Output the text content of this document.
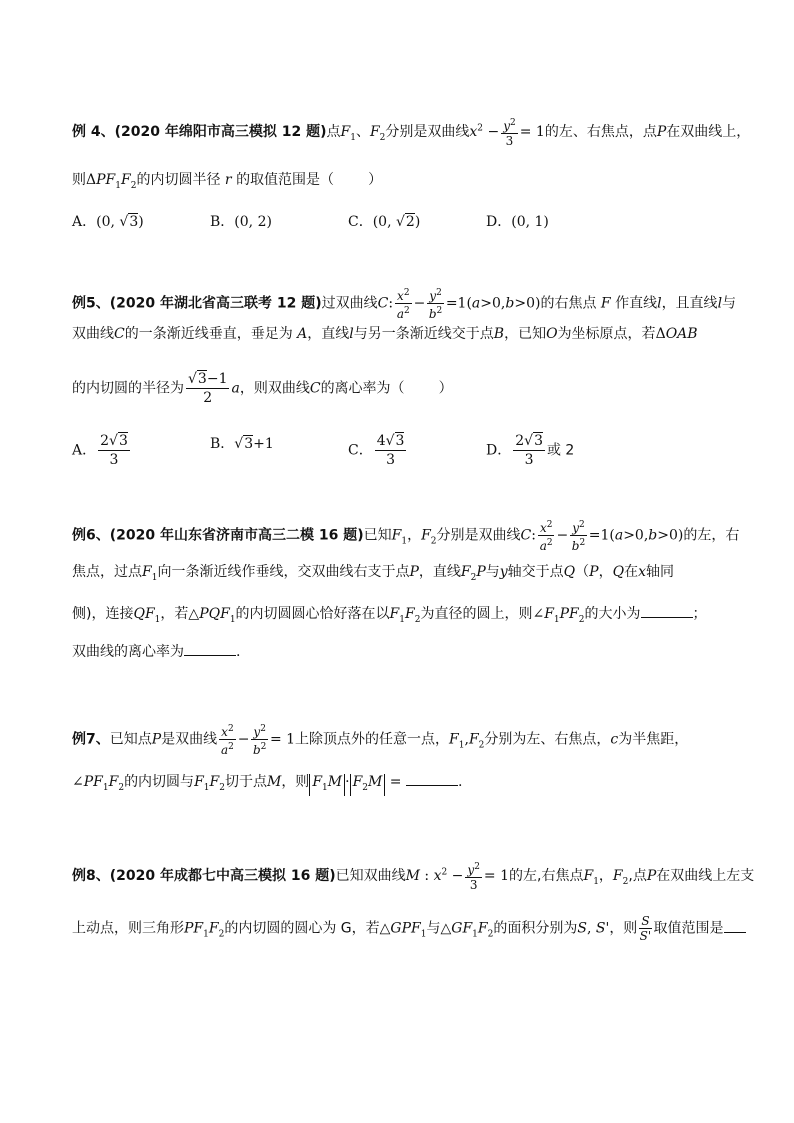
例 4、(2020 年绵阳市高三模拟 12 题)点$F_1$、$F_2$分别是双曲线$x^2 - \frac{y^2}{3} = 1$的左、右焦点，点P在双曲线上，
则$\Delta PF_1F_2$的内切圆半径 r 的取值范围是（ ）
A．(0, √3)	B．(0, 2)	C．(0, √2)	D．(0, 1)
例5、(2020 年湖北省高三联考 12 题)过双曲线C: $\frac{x^2}{a^2} - \frac{y^2}{b^2} =1(a>0,b>0)$的右焦点 F 作直线l，且直线l与
双曲线C的一条渐近线垂直，垂足为 A，直线l与另一条渐近线交于点B，已知O为坐标原点，若ΔOAB
的内切圆的半径为 $\frac{√3-1}{2}$ a，则双曲线C的离心率为（ ）
A． $\frac{2√3}{3}$	B．√3+1	C． $\frac{4√3}{3}$	D． $\frac{2√3}{3}$ 或 2
例6、(2020 年山东省济南市高三二模 16 题)已知$F_1$，$F_2$分别是双曲线C: $\frac{x^2}{a^2} - \frac{y^2}{b^2} =1(a>0,b>0)$的左，右
焦点，过点$F_1$向一条渐近线作垂线，交双曲线右支于点P，直线$F_2P$与y轴交于点Q（P，Q在x轴同
侧)，连接$QF_1$，若$\triangle PQF_1$的内切圆圆心恰好落在以$F_1F_2$为直径的圆上，则$\angle F_1PF_2$的大小为	；
双曲线的离心率为	.
例7、已知点P是双曲线 $\frac{x^2}{a^2} - \frac{y^2}{b^2} = 1$上除顶点外的任意一点，$F_1,F_2$分别为左、右焦点，c为半焦距，
$\angle PF_1F_2$的内切圆与$F_1F_2$切于点M，则 $F_1M \cdot F_2M$ =	.
例8、(2020 年成都七中高三模拟 16 题)已知双曲线M : $x^2 - \frac{y^2}{3} = 1$的左,右焦点$F_1$，$F_2$,点P在双曲线上左支
上动点，则三角形$PF_1F_2$的内切圆的圆心为 G，若$\triangle GPF_1$与$\triangle GF_1F_2$的面积分别为S, S'，则 $\frac{S}{S'}$ 取值范围是
